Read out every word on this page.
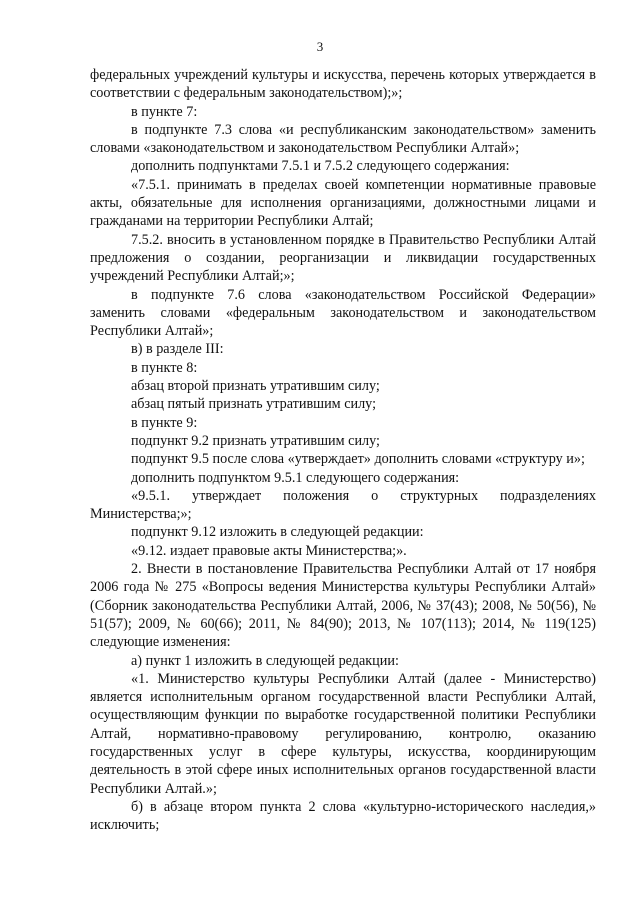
3

федеральных учреждений культуры и искусства, перечень которых утверждается в соответствии с федеральным законодательством);»;

в пункте 7:

в подпункте 7.3 слова «и республиканским законодательством» заменить словами «законодательством и законодательством Республики Алтай»;

дополнить подпунктами 7.5.1 и 7.5.2 следующего содержания:

«7.5.1. принимать в пределах своей компетенции нормативные правовые акты, обязательные для исполнения организациями, должностными лицами и гражданами на территории Республики Алтай;

7.5.2. вносить в установленном порядке в Правительство Республики Алтай предложения о создании, реорганизации и ликвидации государственных учреждений Республики Алтай;»;

в подпункте 7.6 слова «законодательством Российской Федерации» заменить словами «федеральным законодательством и законодательством Республики Алтай»;

в) в разделе III:

в пункте 8:

абзац второй признать утратившим силу;

абзац пятый признать утратившим силу;

в пункте 9:

подпункт 9.2 признать утратившим силу;

подпункт 9.5 после слова «утверждает» дополнить словами «структуру и»;

дополнить подпунктом 9.5.1 следующего содержания:

«9.5.1. утверждает положения о структурных подразделениях Министерства;»;

подпункт 9.12 изложить в следующей редакции:

«9.12. издает правовые акты Министерства;».

2. Внести в постановление Правительства Республики Алтай от 17 ноября 2006 года № 275 «Вопросы ведения Министерства культуры Республики Алтай» (Сборник законодательства Республики Алтай, 2006, № 37(43); 2008, № 50(56), № 51(57); 2009, № 60(66); 2011, № 84(90); 2013, № 107(113); 2014, № 119(125) следующие изменения:

а) пункт 1 изложить в следующей редакции:

«1. Министерство культуры Республики Алтай (далее - Министерство) является исполнительным органом государственной власти Республики Алтай, осуществляющим функции по выработке государственной политики Республики Алтай, нормативно-правовому регулированию, контролю, оказанию государственных услуг в сфере культуры, искусства, координирующим деятельность в этой сфере иных исполнительных органов государственной власти Республики Алтай.»;

б) в абзаце втором пункта 2 слова «культурно-исторического наследия,» исключить;
